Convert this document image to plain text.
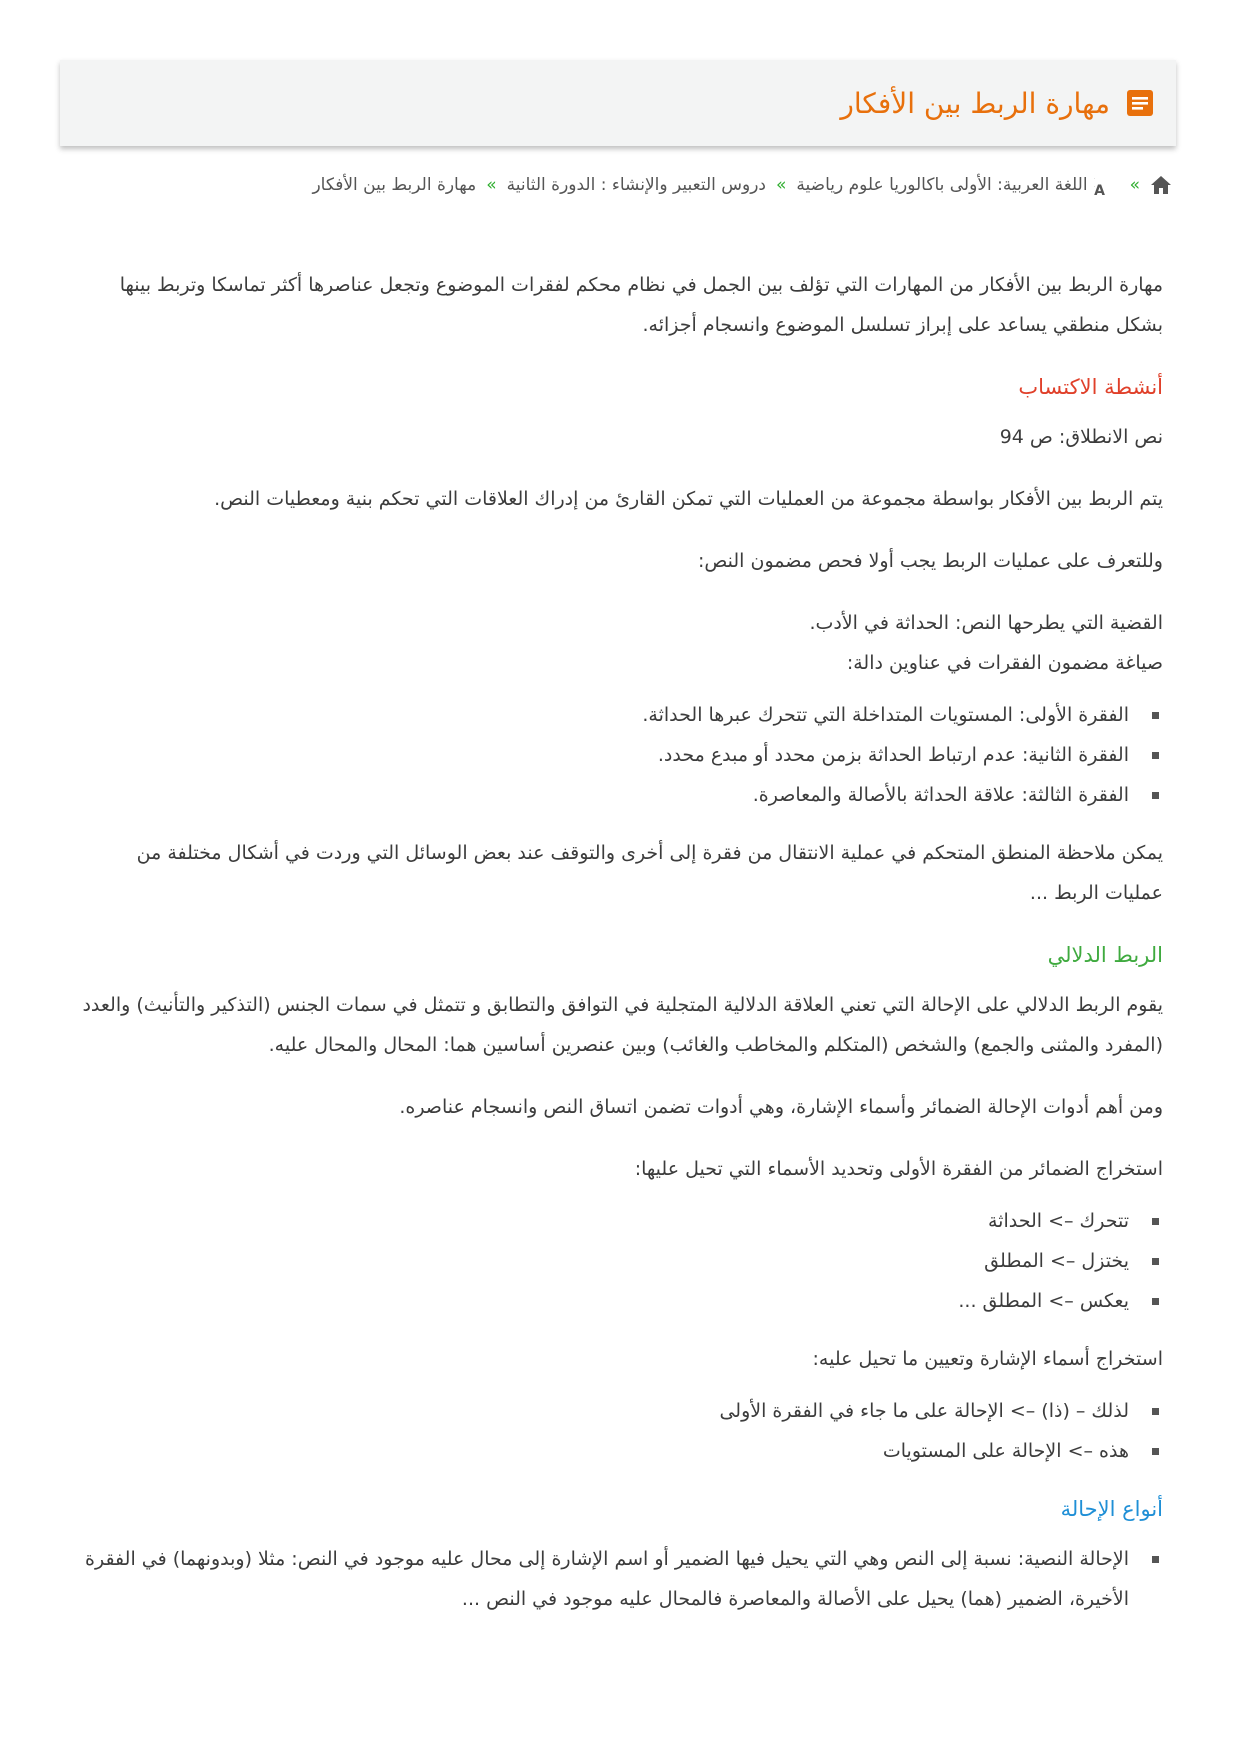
مهارة الربط بين الأفكار
»
A
اللغة العربية: الأولى باكالوريا علوم رياضية
»
دروس التعبير والإنشاء : الدورة الثانية
»
مهارة الربط بين الأفكار

مهارة الربط بين الأفكار من المهارات التي تؤلف بين الجمل في نظام محكم لفقرات الموضوع وتجعل عناصرها أكثر تماسكا وتربط بينها بشكل منطقي يساعد على إبراز تسلسل الموضوع وانسجام أجزائه.

أنشطة الاكتساب

نص الانطلاق: ص 94

يتم الربط بين الأفكار بواسطة مجموعة من العمليات التي تمكن القارئ من إدراك العلاقات التي تحكم بنية ومعطيات النص.

وللتعرف على عمليات الربط يجب أولا فحص مضمون النص:

القضية التي يطرحها النص: الحداثة في الأدب.

صياغة مضمون الفقرات في عناوين دالة:

الفقرة الأولى: المستويات المتداخلة التي تتحرك عبرها الحداثة.
الفقرة الثانية: عدم ارتباط الحداثة بزمن محدد أو مبدع محدد.
الفقرة الثالثة: علاقة الحداثة بالأصالة والمعاصرة.

يمكن ملاحظة المنطق المتحكم في عملية الانتقال من فقرة إلى أخرى والتوقف عند بعض الوسائل التي وردت في أشكال مختلفة من عمليات الربط ...

الربط الدلالي

يقوم الربط الدلالي على الإحالة التي تعني العلاقة الدلالية المتجلية في التوافق والتطابق و تتمثل في سمات الجنس (التذكير والتأنيث) والعدد (المفرد والمثنى والجمع) والشخص (المتكلم والمخاطب والغائب) وبين عنصرين أساسين هما: المحال والمحال عليه.

ومن أهم أدوات الإحالة الضمائر وأسماء الإشارة، وهي أدوات تضمن اتساق النص وانسجام عناصره.

استخراج الضمائر من الفقرة الأولى وتحديد الأسماء التي تحيل عليها:

تتحرك –> الحداثة
يختزل –> المطلق
يعكس –> المطلق ...

استخراج أسماء الإشارة وتعيين ما تحيل عليه:

لذلك – (ذا) –> الإحالة على ما جاء في الفقرة الأولى
هذه –> الإحالة على المستويات
أنواع الإحالة
الإحالة النصية: نسبة إلى النص وهي التي يحيل فيها الضمير أو اسم الإشارة إلى محال عليه موجود في النص: مثلا (وبدونهما) في الفقرة الأخيرة، الضمير (هما) يحيل على الأصالة والمعاصرة فالمحال عليه موجود في النص ...
